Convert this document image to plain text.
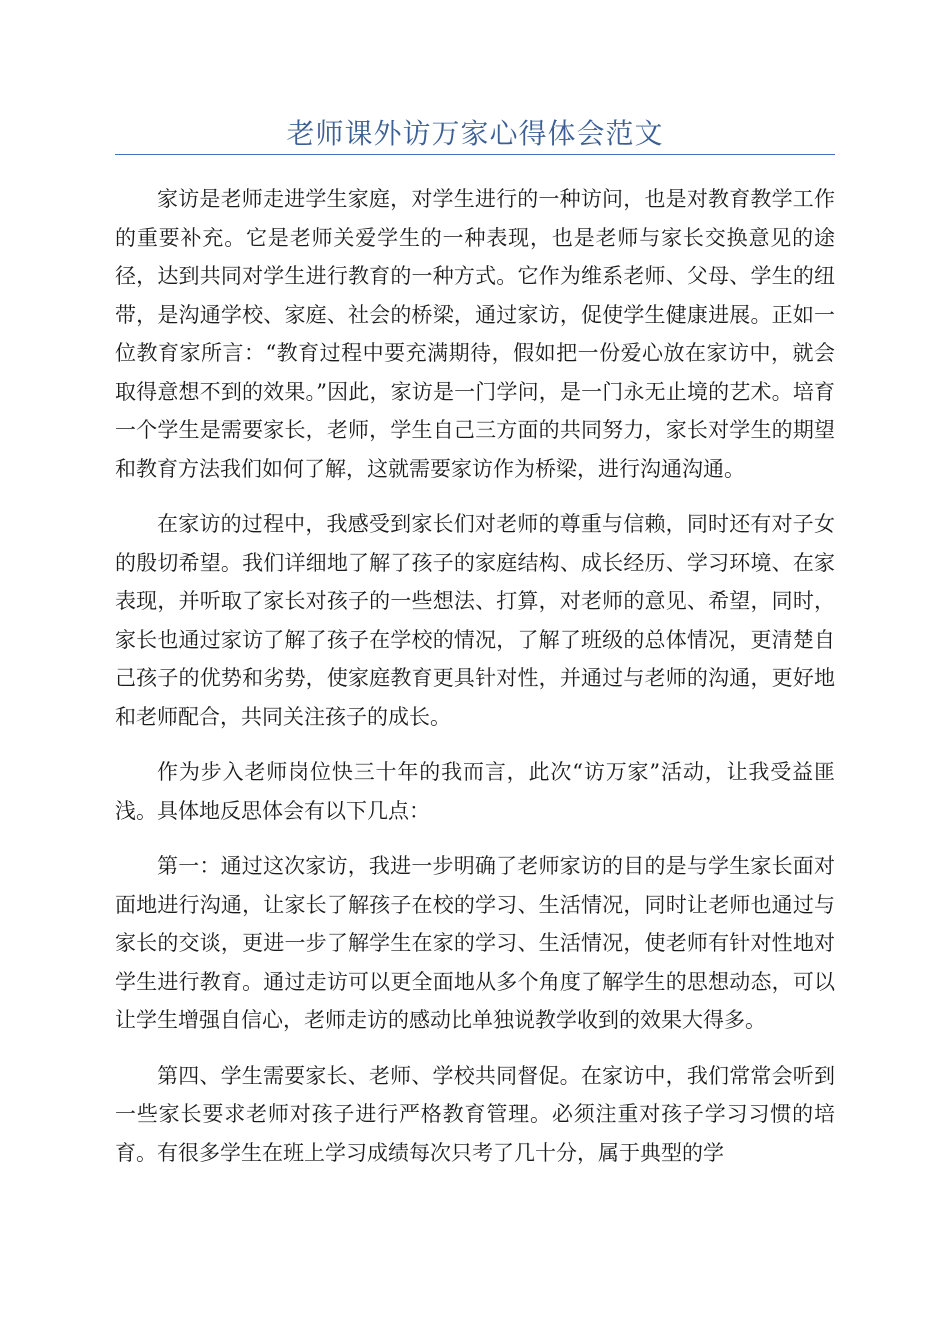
老师课外访万家心得体会范文

家访是老师走进学生家庭，对学生进行的一种访问，也是对教育教学工作的重要补充。它是老师关爱学生的一种表现，也是老师与家长交换意见的途径，达到共同对学生进行教育的一种方式。它作为维系老师、父母、学生的纽带，是沟通学校、家庭、社会的桥梁，通过家访，促使学生健康进展。正如一位教育家所言：“教育过程中要充满期待，假如把一份爱心放在家访中，就会取得意想不到的效果。”因此，家访是一门学问，是一门永无止境的艺术。培育一个学生是需要家长，老师，学生自己三方面的共同努力，家长对学生的期望和教育方法我们如何了解，这就需要家访作为桥梁，进行沟通沟通。

在家访的过程中，我感受到家长们对老师的尊重与信赖，同时还有对子女的殷切希望。我们详细地了解了孩子的家庭结构、成长经历、学习环境、在家表现，并听取了家长对孩子的一些想法、打算，对老师的意见、希望，同时，家长也通过家访了解了孩子在学校的情况，了解了班级的总体情况，更清楚自己孩子的优势和劣势，使家庭教育更具针对性，并通过与老师的沟通，更好地和老师配合，共同关注孩子的成长。

作为步入老师岗位快三十年的我而言，此次“访万家”活动，让我受益匪浅。具体地反思体会有以下几点：

第一：通过这次家访，我进一步明确了老师家访的目的是与学生家长面对面地进行沟通，让家长了解孩子在校的学习、生活情况，同时让老师也通过与家长的交谈，更进一步了解学生在家的学习、生活情况，使老师有针对性地对学生进行教育。通过走访可以更全面地从多个角度了解学生的思想动态，可以让学生增强自信心，老师走访的感动比单独说教学收到的效果大得多。

第四、学生需要家长、老师、学校共同督促。在家访中，我们常常会听到一些家长要求老师对孩子进行严格教育管理。必须注重对孩子学习习惯的培育。有很多学生在班上学习成绩每次只考了几十分，属于典型的学
